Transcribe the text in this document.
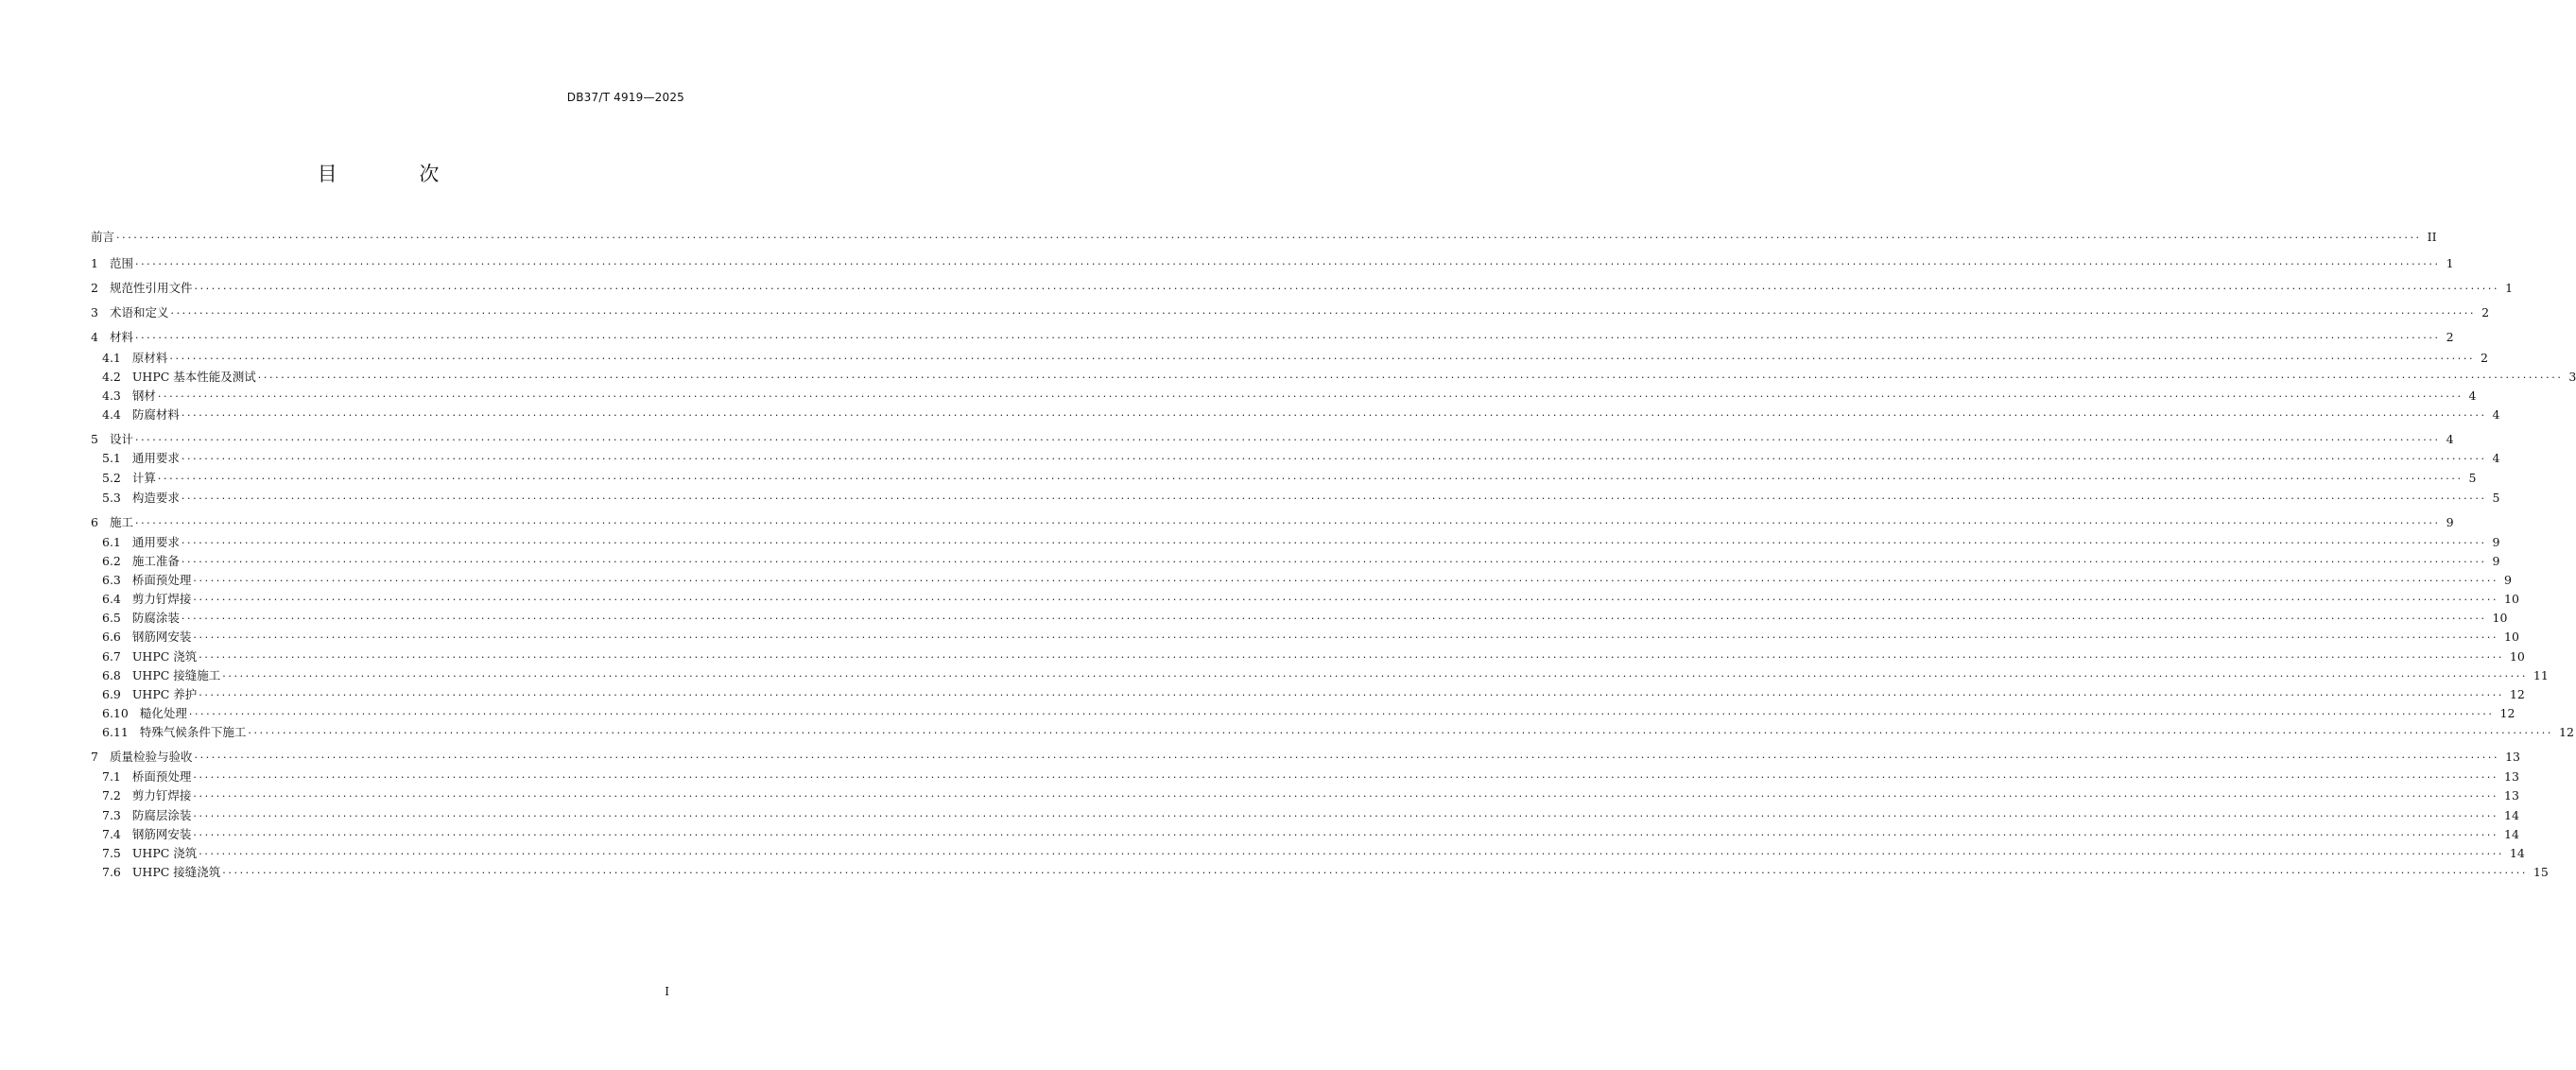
DB37/T 4919—2025
目 次
前言 ················································································································································································································································································································································································································ II
1 范围 ················································································································································································································································································································································································································ 1
2 规范性引用文件 ················································································································································································································································································································································································································ 1
3 术语和定义 ················································································································································································································································································································································································································ 2
4 材料 ················································································································································································································································································································································································································ 2
4.1 原材料 ················································································································································································································································································································································································································ 2
4.2 UHPC 基本性能及测试 ················································································································································································································································································································································································································ 3
4.3 钢材 ················································································································································································································································································································································································································ 4
4.4 防腐材料 ················································································································································································································································································································································································································ 4
5 设计 ················································································································································································································································································································································································································ 4
5.1 通用要求 ················································································································································································································································································································································································································ 4
5.2 计算 ················································································································································································································································································································································································································ 5
5.3 构造要求 ················································································································································································································································································································································································································ 5
6 施工 ················································································································································································································································································································································································································ 9
6.1 通用要求 ················································································································································································································································································································································································································ 9
6.2 施工准备 ················································································································································································································································································································································································································ 9
6.3 桥面预处理 ················································································································································································································································································································································································································ 9
6.4 剪力钉焊接 ················································································································································································································································································································································································································ 10
6.5 防腐涂装 ················································································································································································································································································································································································································ 10
6.6 钢筋网安装 ················································································································································································································································································································································································································ 10
6.7 UHPC 浇筑 ················································································································································································································································································································································································································ 10
6.8 UHPC 接缝施工 ················································································································································································································································································································································································································ 11
6.9 UHPC 养护 ················································································································································································································································································································································································································ 12
6.10 糙化处理 ················································································································································································································································································································································································································ 12
6.11 特殊气候条件下施工 ················································································································································································································································································································································································································ 12
7 质量检验与验收 ················································································································································································································································································································································································································ 13
7.1 桥面预处理 ················································································································································································································································································································································································································ 13
7.2 剪力钉焊接 ················································································································································································································································································································································································································ 13
7.3 防腐层涂装 ················································································································································································································································································································································································································ 14
7.4 钢筋网安装 ················································································································································································································································································································································································································ 14
7.5 UHPC 浇筑 ················································································································································································································································································································································································································ 14
7.6 UHPC 接缝浇筑 ················································································································································································································································································································································································································ 15
I
